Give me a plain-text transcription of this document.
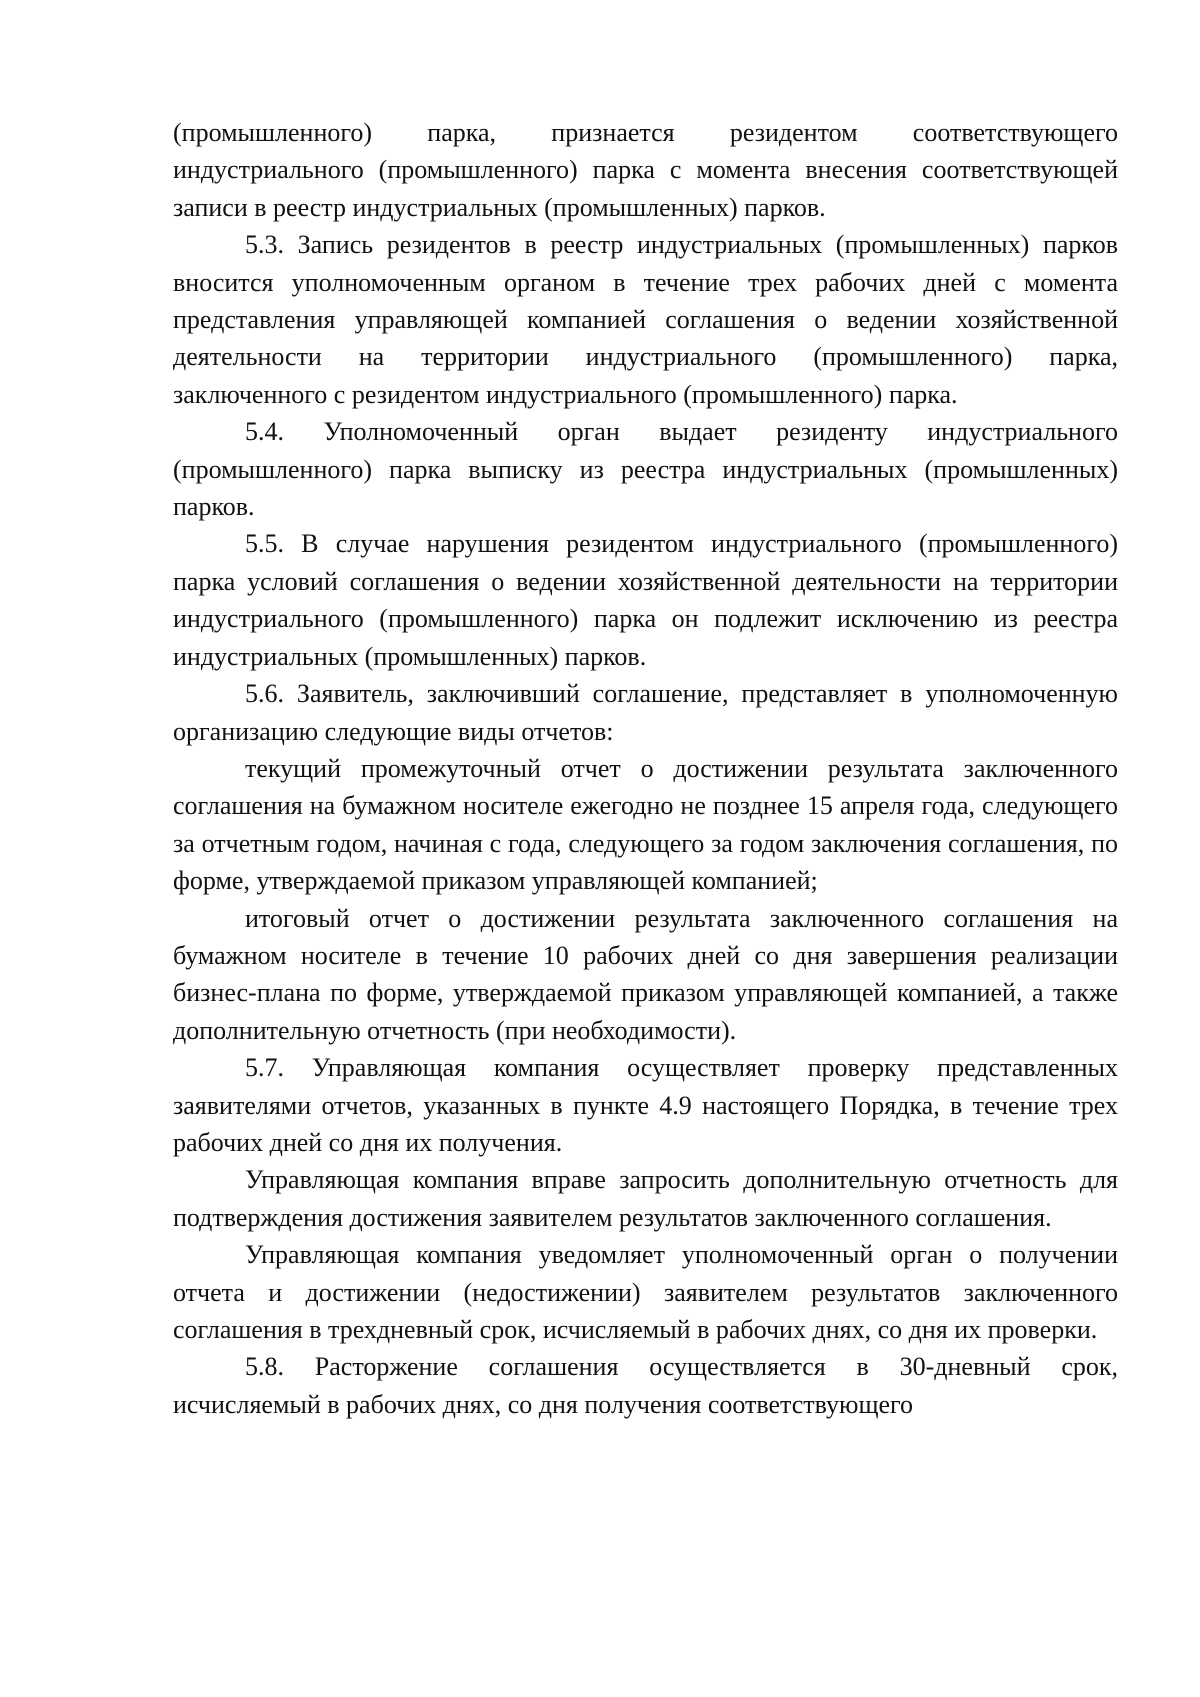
(промышленного) парка, признается резидентом соответствующего индустриального (промышленного) парка с момента внесения соответствующей записи в реестр индустриальных (промышленных) парков.

5.3. Запись резидентов в реестр индустриальных (промышленных) парков вносится уполномоченным органом в течение трех рабочих дней с момента представления управляющей компанией соглашения о ведении хозяйственной деятельности на территории индустриального (промышленного) парка, заключенного с резидентом индустриального (промышленного) парка.

5.4. Уполномоченный орган выдает резиденту индустриального (промышленного) парка выписку из реестра индустриальных (промышленных) парков.

5.5. В случае нарушения резидентом индустриального (промышленного) парка условий соглашения о ведении хозяйственной деятельности на территории индустриального (промышленного) парка он подлежит исключению из реестра индустриальных (промышленных) парков.

5.6. Заявитель, заключивший соглашение, представляет в уполномоченную организацию следующие виды отчетов:

текущий промежуточный отчет о достижении результата заключенного соглашения на бумажном носителе ежегодно не позднее 15 апреля года, следующего за отчетным годом, начиная с года, следующего за годом заключения соглашения, по форме, утверждаемой приказом управляющей компанией;

итоговый отчет о достижении результата заключенного соглашения на бумажном носителе в течение 10 рабочих дней со дня завершения реализации бизнес-плана по форме, утверждаемой приказом управляющей компанией, а также дополнительную отчетность (при необходимости).

5.7. Управляющая компания осуществляет проверку представленных заявителями отчетов, указанных в пункте 4.9 настоящего Порядка, в течение трех рабочих дней со дня их получения.

Управляющая компания вправе запросить дополнительную отчетность для подтверждения достижения заявителем результатов заключенного соглашения.

Управляющая компания уведомляет уполномоченный орган о получении отчета и достижении (недостижении) заявителем результатов заключенного соглашения в трехдневный срок, исчисляемый в рабочих днях, со дня их проверки.

5.8. Расторжение соглашения осуществляется в 30-дневный срок, исчисляемый в рабочих днях, со дня получения соответствующего
